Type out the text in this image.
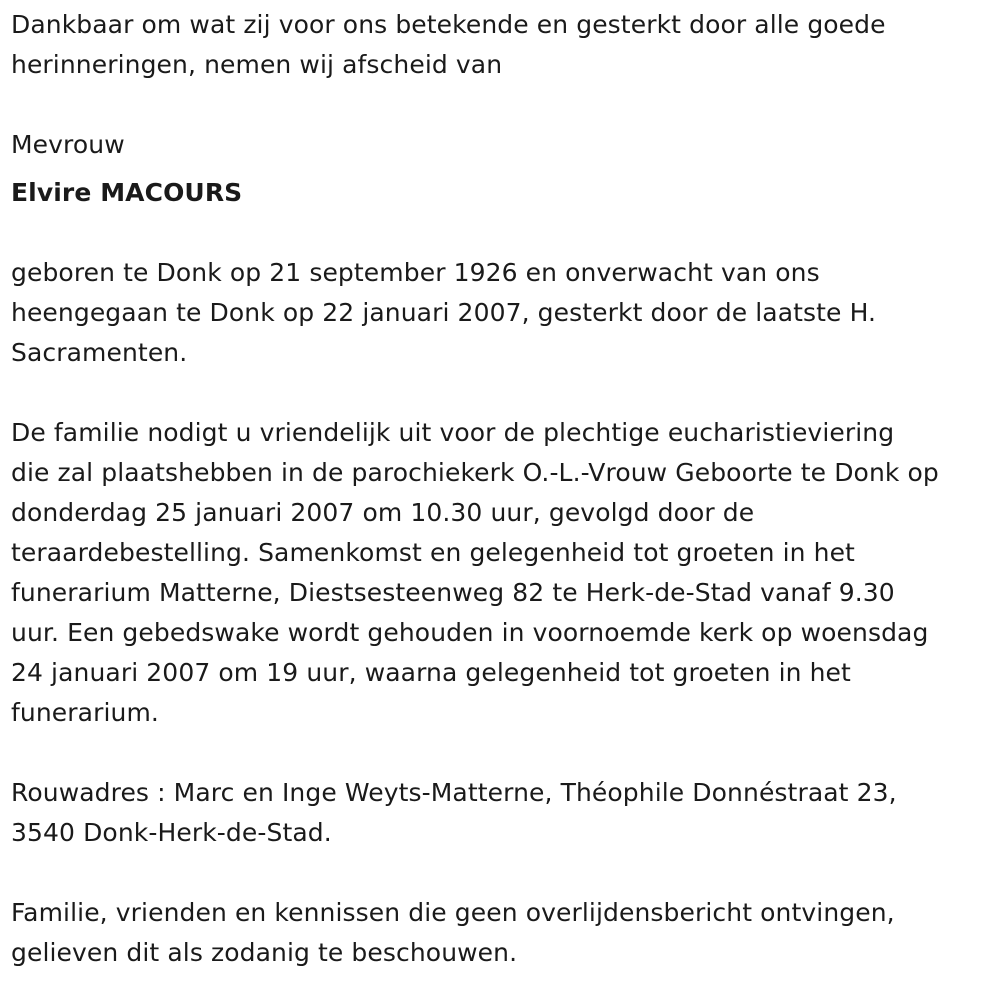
Dankbaar om wat zij voor ons betekende en gesterkt door alle goede
herinneringen, nemen wij afscheid van

Mevrouw

Elvire MACOURS

geboren te Donk op 21 september 1926 en onverwacht van ons
heengegaan te Donk op 22 januari 2007, gesterkt door de laatste H.
Sacramenten.

De familie nodigt u vriendelijk uit voor de plechtige eucharistieviering
die zal plaatshebben in de parochiekerk O.-L.-Vrouw Geboorte te Donk op
donderdag 25 januari 2007 om 10.30 uur, gevolgd door de
teraardebestelling. Samenkomst en gelegenheid tot groeten in het
funerarium Matterne, Diestsesteenweg 82 te Herk-de-Stad vanaf 9.30
uur. Een gebedswake wordt gehouden in voornoemde kerk op woensdag
24 januari 2007 om 19 uur, waarna gelegenheid tot groeten in het
funerarium.

Rouwadres : Marc en Inge Weyts-Matterne, Théophile Donnéstraat 23,
3540 Donk-Herk-de-Stad.

Familie, vrienden en kennissen die geen overlijdensbericht ontvingen,
gelieven dit als zodanig te beschouwen.
